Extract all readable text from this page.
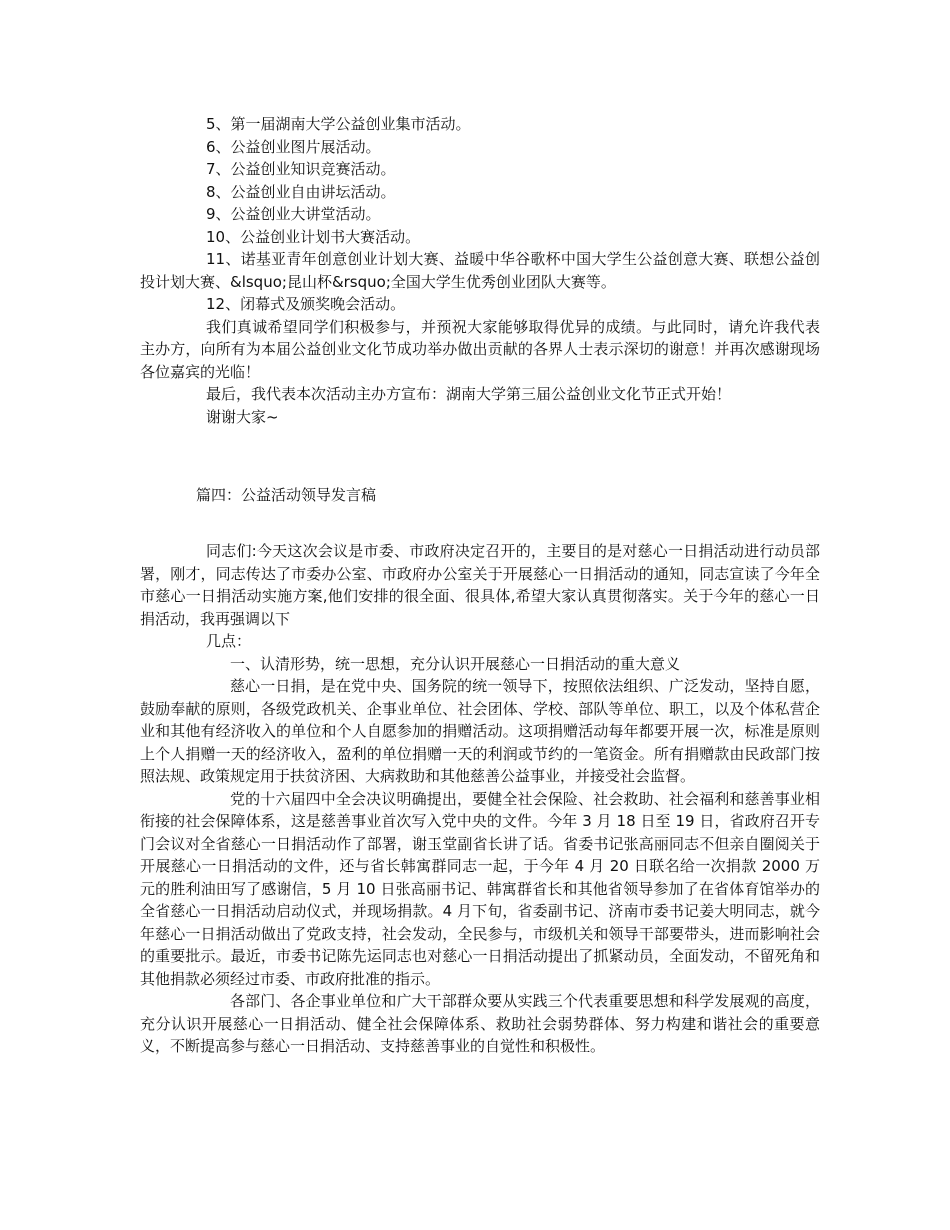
5、第一届湖南大学公益创业集市活动。

6、公益创业图片展活动。

7、公益创业知识竞赛活动。

8、公益创业自由讲坛活动。

9、公益创业大讲堂活动。

10、公益创业计划书大赛活动。

11、诺基亚青年创意创业计划大赛、益暖中华谷歌杯中国大学生公益创意大赛、联想公益创投计划大赛、&lsquo;昆山杯&rsquo;全国大学生优秀创业团队大赛等。

12、闭幕式及颁奖晚会活动。

我们真诚希望同学们积极参与，并预祝大家能够取得优异的成绩。与此同时，请允许我代表主办方，向所有为本届公益创业文化节成功举办做出贡献的各界人士表示深切的谢意！并再次感谢现场各位嘉宾的光临！

最后，我代表本次活动主办方宣布：湖南大学第三届公益创业文化节正式开始！

谢谢大家~

篇四：公益活动领导发言稿

同志们:今天这次会议是市委、市政府决定召开的，主要目的是对慈心一日捐活动进行动员部署，刚才，同志传达了市委办公室、市政府办公室关于开展慈心一日捐活动的通知，同志宣读了今年全市慈心一日捐活动实施方案,他们安排的很全面、很具体,希望大家认真贯彻落实。关于今年的慈心一日捐活动，我再强调以下

几点：

一、认清形势，统一思想，充分认识开展慈心一日捐活动的重大意义

慈心一日捐，是在党中央、国务院的统一领导下，按照依法组织、广泛发动，坚持自愿，鼓励奉献的原则，各级党政机关、企事业单位、社会团体、学校、部队等单位、职工，以及个体私营企业和其他有经济收入的单位和个人自愿参加的捐赠活动。这项捐赠活动每年都要开展一次，标准是原则上个人捐赠一天的经济收入，盈利的单位捐赠一天的利润或节约的一笔资金。所有捐赠款由民政部门按照法规、政策规定用于扶贫济困、大病救助和其他慈善公益事业，并接受社会监督。

党的十六届四中全会决议明确提出，要健全社会保险、社会救助、社会福利和慈善事业相衔接的社会保障体系，这是慈善事业首次写入党中央的文件。今年 3 月 18 日至 19 日，省政府召开专门会议对全省慈心一日捐活动作了部署，谢玉堂副省长讲了话。省委书记张高丽同志不但亲自圈阅关于开展慈心一日捐活动的文件，还与省长韩寓群同志一起，于今年 4 月 20 日联名给一次捐款 2000 万元的胜利油田写了感谢信，5 月 10 日张高丽书记、韩寓群省长和其他省领导参加了在省体育馆举办的全省慈心一日捐活动启动仪式，并现场捐款。4 月下旬，省委副书记、济南市委书记姜大明同志，就今年慈心一日捐活动做出了党政支持，社会发动，全民参与，市级机关和领导干部要带头，进而影响社会的重要批示。最近，市委书记陈先运同志也对慈心一日捐活动提出了抓紧动员，全面发动，不留死角和其他捐款必须经过市委、市政府批准的指示。

各部门、各企事业单位和广大干部群众要从实践三个代表重要思想和科学发展观的高度，充分认识开展慈心一日捐活动、健全社会保障体系、救助社会弱势群体、努力构建和谐社会的重要意义，不断提高参与慈心一日捐活动、支持慈善事业的自觉性和积极性。
